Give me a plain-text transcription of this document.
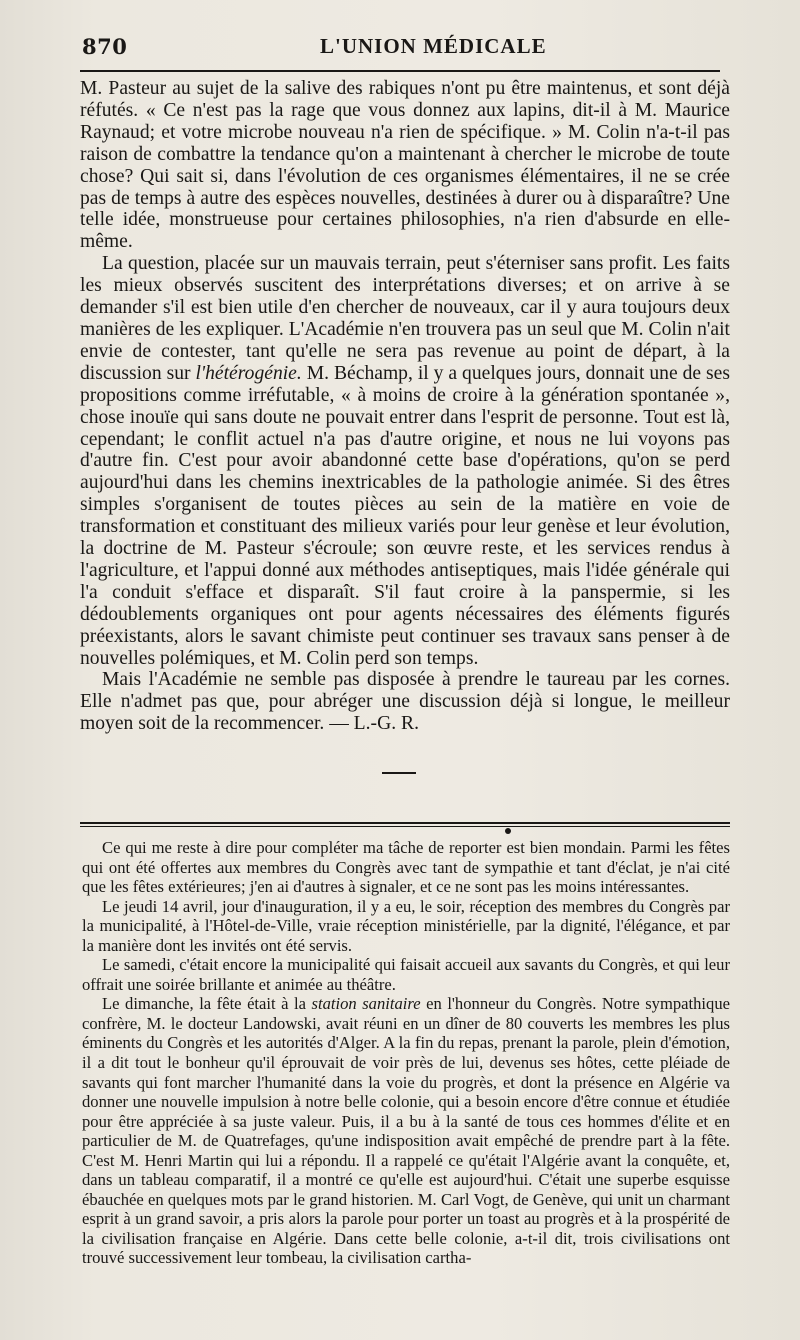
870	L'UNION MÉDICALE

M. Pasteur au sujet de la salive des rabiques n'ont pu être maintenus, et sont déjà réfutés. « Ce n'est pas la rage que vous donnez aux lapins, dit-il à M. Maurice Raynaud; et votre microbe nouveau n'a rien de spécifique. » M. Colin n'a-t-il pas raison de combattre la tendance qu'on a maintenant à chercher le microbe de toute chose? Qui sait si, dans l'évolution de ces organismes élémentaires, il ne se crée pas de temps à autre des espèces nouvelles, destinées à durer ou à disparaître? Une telle idée, monstrueuse pour certaines philosophies, n'a rien d'absurde en elle-même.

La question, placée sur un mauvais terrain, peut s'éterniser sans profit. Les faits les mieux observés suscitent des interprétations diverses; et on arrive à se demander s'il est bien utile d'en chercher de nouveaux, car il y aura toujours deux manières de les expliquer. L'Académie n'en trouvera pas un seul que M. Colin n'ait envie de contester, tant qu'elle ne sera pas revenue au point de départ, à la discussion sur l'hétérogénie. M. Béchamp, il y a quelques jours, donnait une de ses propositions comme irréfutable, « à moins de croire à la génération spontanée », chose inouïe qui sans doute ne pouvait entrer dans l'esprit de personne. Tout est là, cependant; le conflit actuel n'a pas d'autre origine, et nous ne lui voyons pas d'autre fin. C'est pour avoir abandonné cette base d'opérations, qu'on se perd aujourd'hui dans les chemins inextricables de la pathologie animée. Si des êtres simples s'organisent de toutes pièces au sein de la matière en voie de transformation et constituant des milieux variés pour leur genèse et leur évolution, la doctrine de M. Pasteur s'écroule; son œuvre reste, et les services rendus à l'agriculture, et l'appui donné aux méthodes antiseptiques, mais l'idée générale qui l'a conduit s'efface et disparaît. S'il faut croire à la panspermie, si les dédoublements organiques ont pour agents nécessaires des éléments figurés préexistants, alors le savant chimiste peut continuer ses travaux sans penser à de nouvelles polémiques, et M. Colin perd son temps.

Mais l'Académie ne semble pas disposée à prendre le taureau par les cornes. Elle n'admet pas que, pour abréger une discussion déjà si longue, le meilleur moyen soit de la recommencer. — L.-G. R.

Ce qui me reste à dire pour compléter ma tâche de reporter est bien mondain. Parmi les fêtes qui ont été offertes aux membres du Congrès avec tant de sympathie et tant d'éclat, je n'ai cité que les fêtes extérieures; j'en ai d'autres à signaler, et ce ne sont pas les moins intéressantes.

Le jeudi 14 avril, jour d'inauguration, il y a eu, le soir, réception des membres du Congrès par la municipalité, à l'Hôtel-de-Ville, vraie réception ministérielle, par la dignité, l'élégance, et par la manière dont les invités ont été servis.

Le samedi, c'était encore la municipalité qui faisait accueil aux savants du Congrès, et qui leur offrait une soirée brillante et animée au théâtre.

Le dimanche, la fête était à la station sanitaire en l'honneur du Congrès. Notre sympathique confrère, M. le docteur Landowski, avait réuni en un dîner de 80 couverts les membres les plus éminents du Congrès et les autorités d'Alger. A la fin du repas, prenant la parole, plein d'émotion, il a dit tout le bonheur qu'il éprouvait de voir près de lui, devenus ses hôtes, cette pléiade de savants qui font marcher l'humanité dans la voie du progrès, et dont la présence en Algérie va donner une nouvelle impulsion à notre belle colonie, qui a besoin encore d'être connue et étudiée pour être appréciée à sa juste valeur. Puis, il a bu à la santé de tous ces hommes d'élite et en particulier de M. de Quatrefages, qu'une indisposition avait empêché de prendre part à la fête. C'est M. Henri Martin qui lui a répondu. Il a rappelé ce qu'était l'Algérie avant la conquête, et, dans un tableau comparatif, il a montré ce qu'elle est aujourd'hui. C'était une superbe esquisse ébauchée en quelques mots par le grand historien. M. Carl Vogt, de Genève, qui unit un charmant esprit à un grand savoir, a pris alors la parole pour porter un toast au progrès et à la prospérité de la civilisation française en Algérie. Dans cette belle colonie, a-t-il dit, trois civilisations ont trouvé successivement leur tombeau, la civilisation cartha-
